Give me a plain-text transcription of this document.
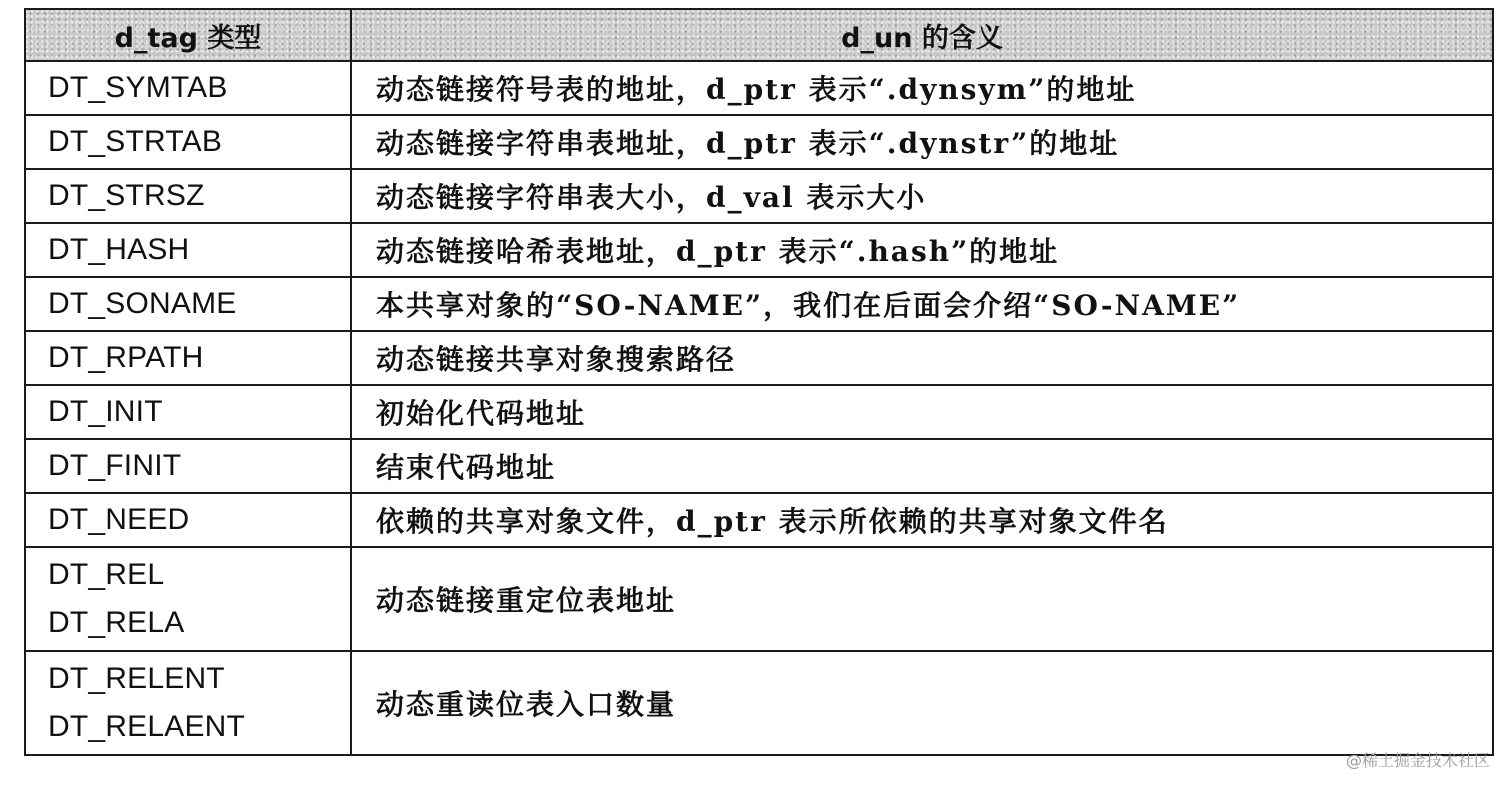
d_tag 类型	d_un 的含义

DT_SYMTAB	动态链接符号表的地址，d_ptr 表示“.dynsym”的地址

DT_STRTAB	动态链接字符串表地址，d_ptr 表示“.dynstr”的地址

DT_STRSZ	动态链接字符串表大小，d_val 表示大小

DT_HASH	动态链接哈希表地址，d_ptr 表示“.hash”的地址

DT_SONAME	本共享对象的“SO-NAME”，我们在后面会介绍“SO-NAME”

DT_RPATH	动态链接共享对象搜索路径

DT_INIT	初始化代码地址

DT_FINIT	结束代码地址

DT_NEED	依赖的共享对象文件，d_ptr 表示所依赖的共享对象文件名

DT_REL
DT_RELA	动态链接重定位表地址

DT_RELENT
DT_RELAENT	动态重读位表入口数量
@稀土掘金技术社区
